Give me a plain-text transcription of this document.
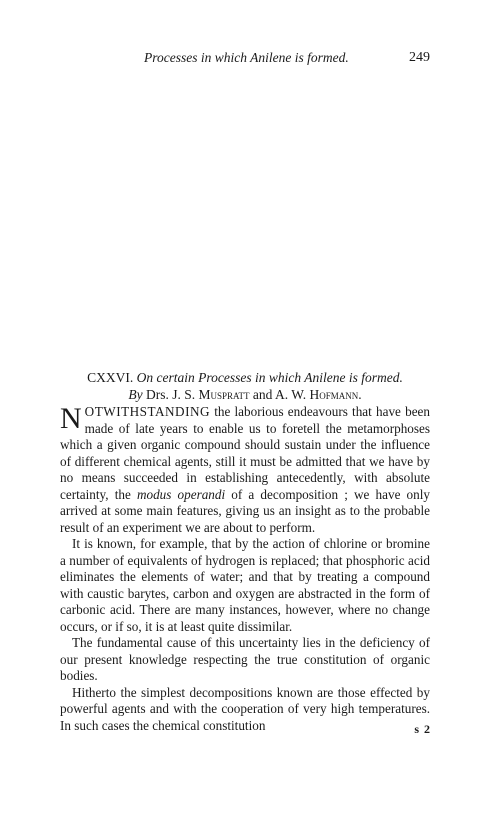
Processes in which Anilene is formed.	249
CXXVI. On certain Processes in which Anilene is formed.
By Drs. J. S. Muspratt and A. W. Hofmann.

NOTWITHSTANDING the laborious endeavours that have been made of late years to enable us to foretell the metamorphoses which a given organic compound should sustain under the influence of different chemical agents, still it must be admitted that we have by no means succeeded in establishing antecedently, with absolute certainty, the modus operandi of a decomposition ; we have only arrived at some main features, giving us an insight as to the probable result of an experiment we are about to perform.

It is known, for example, that by the action of chlorine or bromine a number of equivalents of hydrogen is replaced; that phosphoric acid eliminates the elements of water; and that by treating a compound with caustic barytes, carbon and oxygen are abstracted in the form of carbonic acid. There are many instances, however, where no change occurs, or if so, it is at least quite dissimilar.

The fundamental cause of this uncertainty lies in the deficiency of our present knowledge respecting the true constitution of organic bodies.

Hitherto the simplest decompositions known are those effected by powerful agents and with the cooperation of very high temperatures. In such cases the chemical constitution	s 2
